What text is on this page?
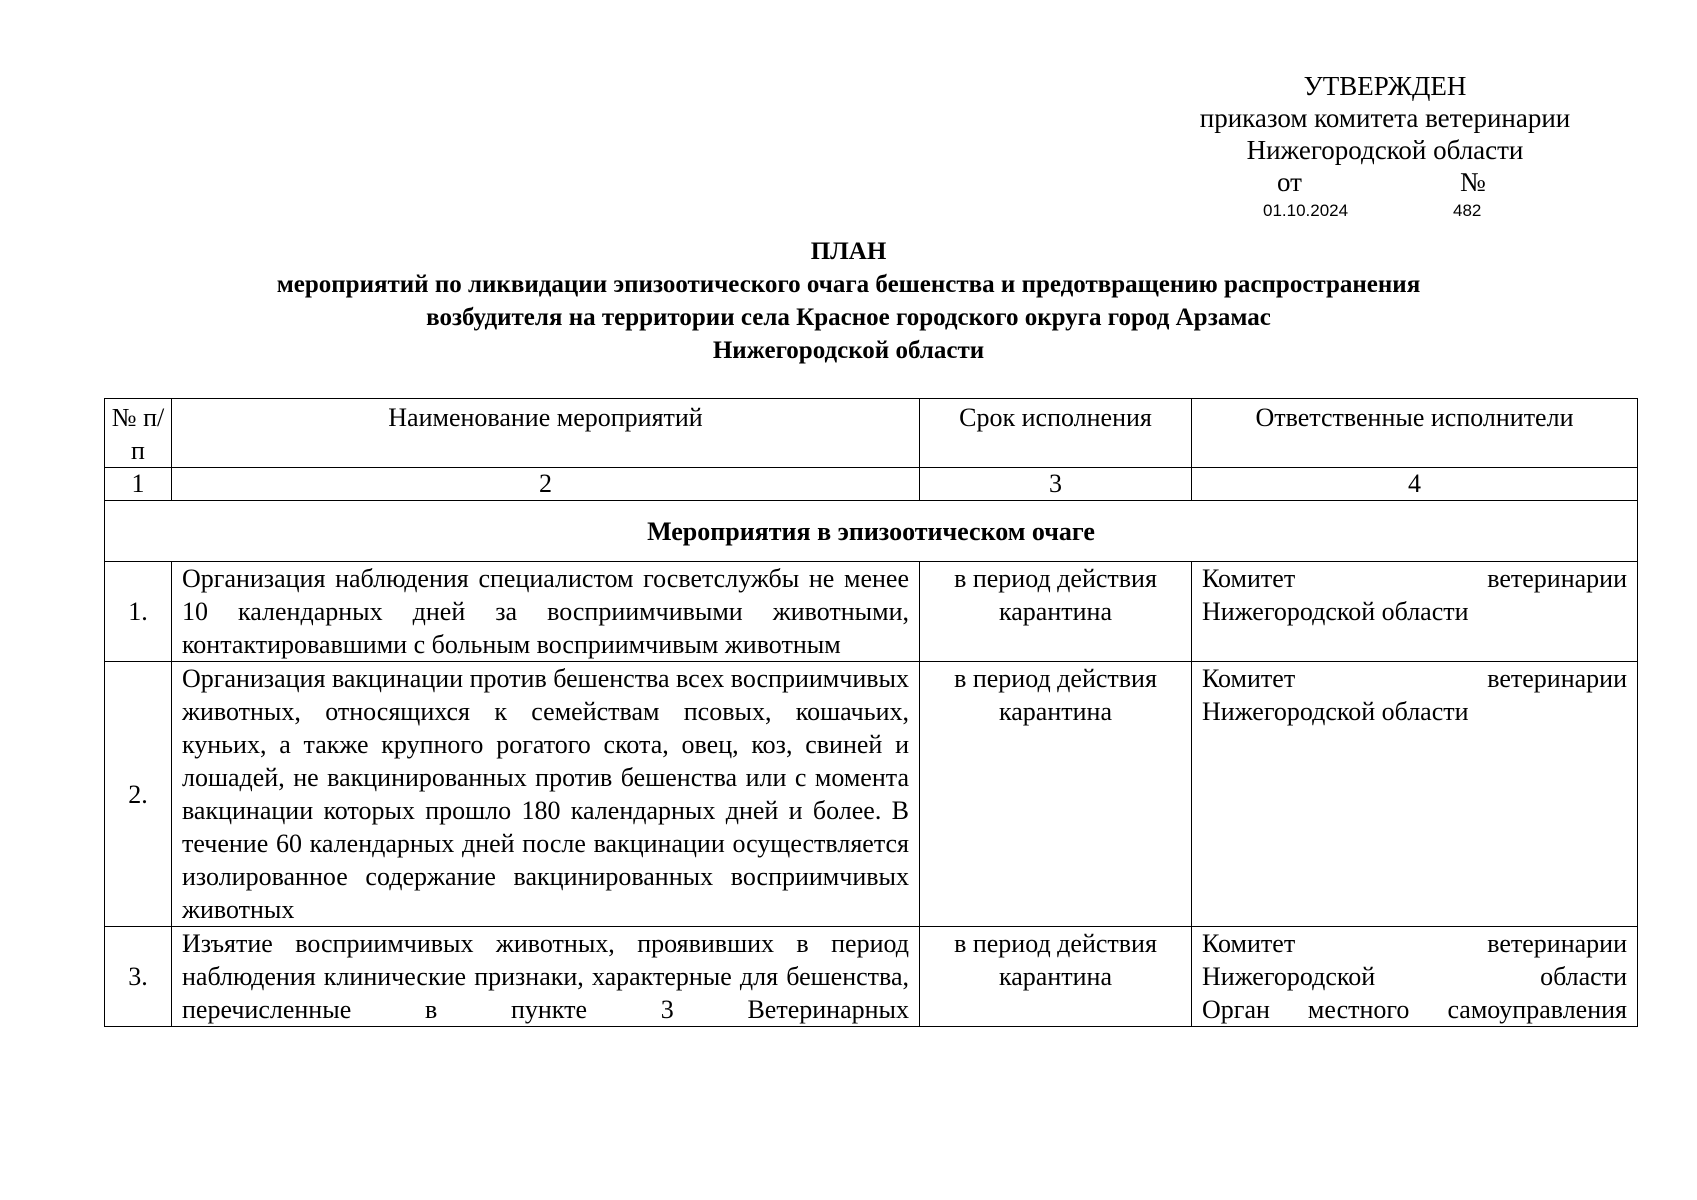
УТВЕРЖДЕН
приказом комитета ветеринарии
Нижегородской области
от	№
01.10.2024	482
ПЛАН
мероприятий по ликвидации эпизоотического очага бешенства и предотвращению распространения
возбудителя на территории села Красное городского округа город Арзамас
Нижегородской области
№ п/п	Наименование мероприятий	Срок исполнения	Ответственные исполнители
1	2	3	4
Мероприятия в эпизоотическом очаге			
1.	Организация наблюдения специалистом госветслужбы не менее 10 календарных дней за восприимчивыми животными, контактировавшими с больным восприимчивым животным	в период действия карантина	Комитет ветеринарии
Нижегородской области

2.	Организация вакцинации против бешенства всех восприимчивых животных, относящихся к семействам псовых, кошачьих, куньих, а также крупного рогатого скота, овец, коз, свиней и лошадей, не вакцинированных против бешенства или с момента вакцинации которых прошло 180 календарных дней и более. В течение 60 календарных дней после вакцинации осуществляется изолированное содержание вакцинированных восприимчивых животных	в период действия карантина	Комитет ветеринарии
Нижегородской области

3.	Изъятие восприимчивых животных, проявивших в период наблюдения клинические признаки, характерные для бешенства, перечисленные в пункте 3 Ветеринарных	в период действия карантина	Комитет ветеринарии
Нижегородской области
Орган местного самоуправления
